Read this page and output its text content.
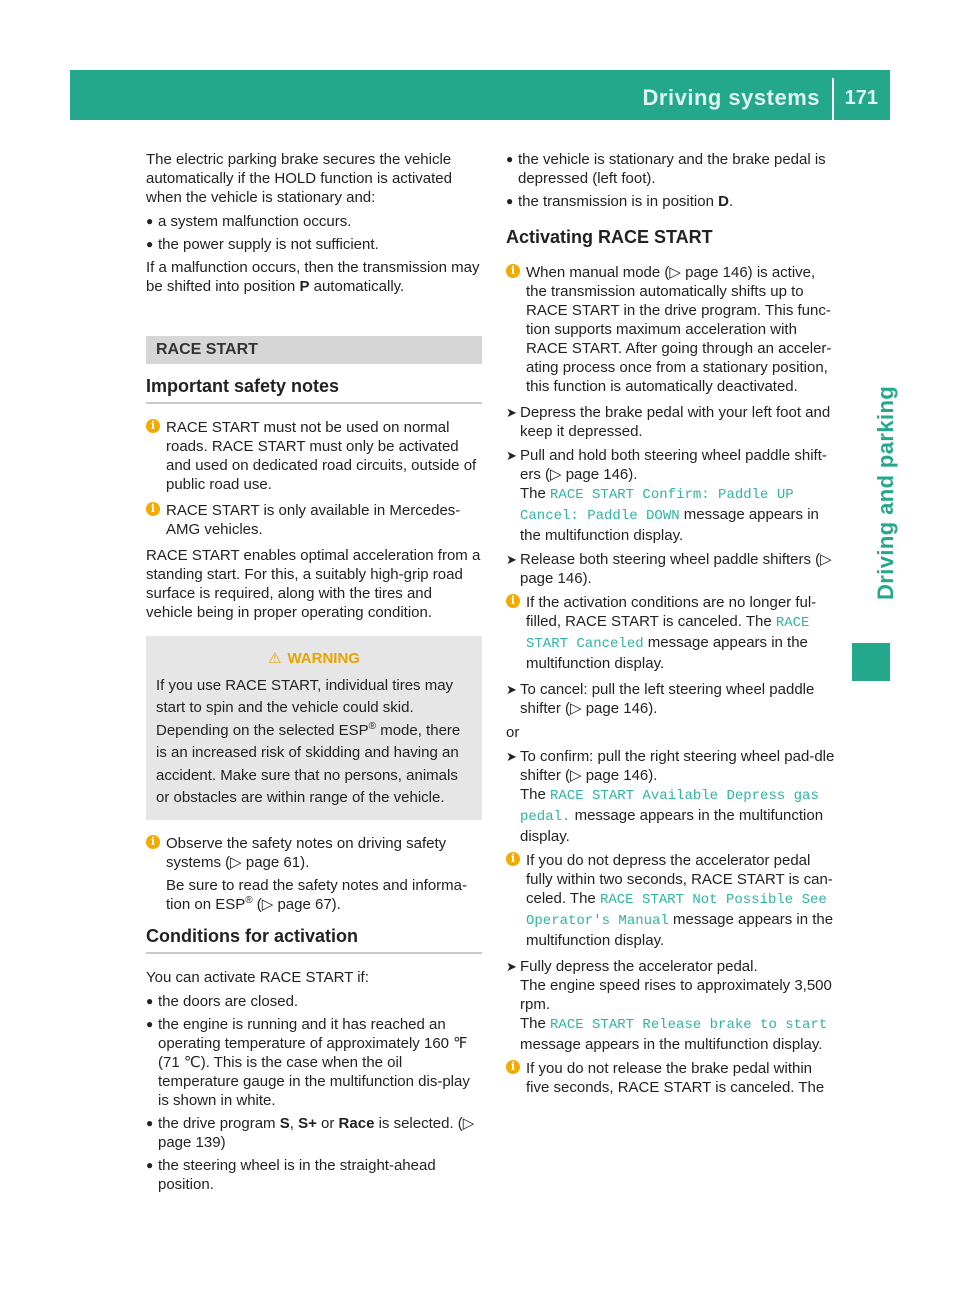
Driving systems 171
Driving and parking

The electric parking brake secures the vehicle automatically if the HOLD function is activated when the vehicle is stationary and:

● a system malfunction occurs.
● the power supply is not sufficient.

If a malfunction occurs, then the transmission may be shifted into position P automatically.

RACE START
Important safety notes
i RACE START must not be used on normal roads. RACE START must only be activated and used on dedicated road circuits, outside of public road use.
i RACE START is only available in Mercedes-AMG vehicles.

RACE START enables optimal acceleration from a standing start. For this, a suitably high-grip road surface is required, along with the tires and vehicle being in proper operating condition.

⚠ WARNING

If you use RACE START, individual tires may start to spin and the vehicle could skid.

Depending on the selected ESP® mode, there is an increased risk of skidding and having an accident. Make sure that no persons, animals or obstacles are within range of the vehicle.

i Observe the safety notes on driving safety systems (▷ page 61).

Be sure to read the safety notes and informa-tion on ESP® (▷ page 67).

Conditions for activation

You can activate RACE START if:

● the doors are closed.
● the engine is running and it has reached an operating temperature of approximately 160 ℉ (71 ℃). This is the case when the oil temperature gauge in the multifunction dis-play is shown in white.
● the drive program S, S+ or Race is selected. (▷ page 139)
● the steering wheel is in the straight-ahead position.
● the vehicle is stationary and the brake pedal is depressed (left foot).
● the transmission is in position D.
Activating RACE START
i When manual mode (▷ page 146) is active, the transmission automatically shifts up to RACE START in the drive program. This func-tion supports maximum acceleration with RACE START. After going through an acceler-ating process once from a stationary position, this function is automatically deactivated.
➤ Depress the brake pedal with your left foot and keep it depressed.
➤ Pull and hold both steering wheel paddle shift-ers (▷ page 146).

The RACE START Confirm: Paddle UP Cancel: Paddle DOWN message appears in the multifunction display.

➤ Release both steering wheel paddle shifters (▷ page 146).
i If the activation conditions are no longer ful-filled, RACE START is canceled. The RACE START Canceled message appears in the multifunction display.
➤ To cancel: pull the left steering wheel paddle shifter (▷ page 146).

or

➤ To confirm: pull the right steering wheel pad-dle shifter (▷ page 146).

The RACE START Available Depress gas pedal. message appears in the multifunction display.

i If you do not depress the accelerator pedal fully within two seconds, RACE START is can-celed. The RACE START Not Possible See Operator's Manual message appears in the multifunction display.
➤ Fully depress the accelerator pedal.

The engine speed rises to approximately 3,500 rpm.

The RACE START Release brake to start message appears in the multifunction display.

i If you do not release the brake pedal within five seconds, RACE START is canceled. The
